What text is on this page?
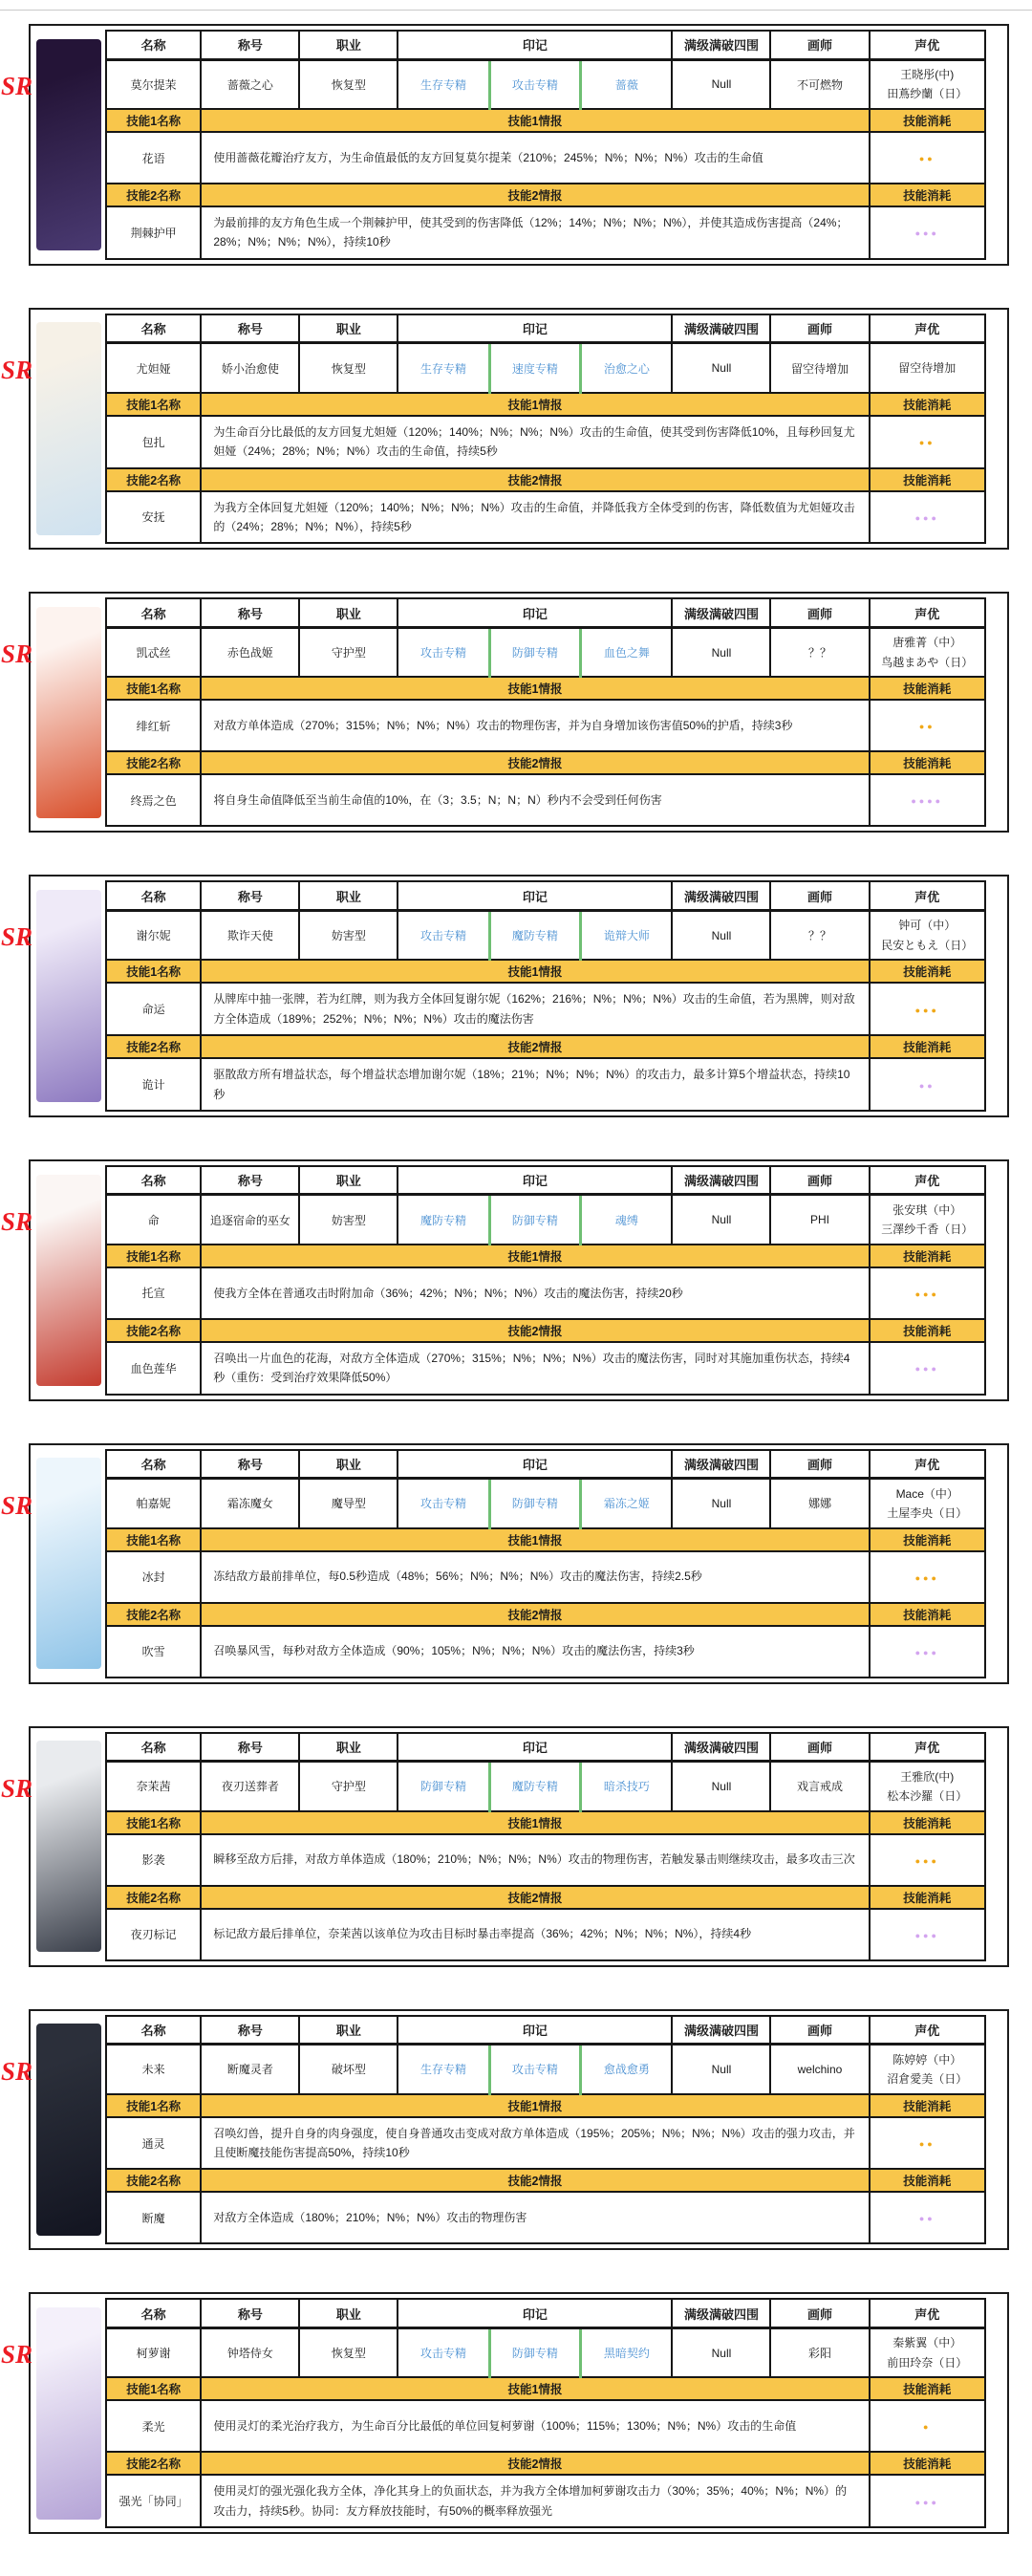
SR
名称	称号	职业	印记			满级满破四围	画师	声优
莫尔提茉	蔷薇之心	恢复型	生存专精	攻击专精	蔷薇	Null	不可燃物	王晓彤(中)
田蔦纱蘭（日）

技能1名称	技能1情报							技能消耗
花语	使用蔷薇花瓣治疗友方，为生命值最低的友方回复莫尔提茉（210%；245%；N%；N%；N%）攻击的生命值							●●
技能2名称	技能2情报							技能消耗
荆棘护甲	为最前排的友方角色生成一个荆棘护甲，使其受到的伤害降低（12%；14%；N%；N%；N%），并使其造成伤害提高（24%；28%；N%；N%；N%），持续10秒							●●●
SR
名称	称号	职业	印记			满级满破四围	画师	声优
尤妲娅	娇小治愈使	恢复型	生存专精	速度专精	治愈之心	Null	留空待增加	留空待增加

技能1名称	技能1情报							技能消耗
包扎	为生命百分比最低的友方回复尤妲娅（120%；140%；N%；N%；N%）攻击的生命值，使其受到伤害降低10%，且每秒回复尤妲娅（24%；28%；N%；N%）攻击的生命值，持续5秒							●●
技能2名称	技能2情报							技能消耗
安抚	为我方全体回复尤妲娅（120%；140%；N%；N%；N%）攻击的生命值，并降低我方全体受到的伤害，降低数值为尤妲娅攻击的（24%；28%；N%；N%），持续5秒							●●●
SR
名称	称号	职业	印记			满级满破四围	画师	声优
凯忒丝	赤色战姬	守护型	攻击专精	防御专精	血色之舞	Null	？？	唐雅菁（中）
鸟越まあや（日）

技能1名称	技能1情报							技能消耗
绯红斩	对敌方单体造成（270%；315%；N%；N%；N%）攻击的物理伤害，并为自身增加该伤害值50%的护盾，持续3秒							●●
技能2名称	技能2情报							技能消耗
终焉之色	将自身生命值降低至当前生命值的10%，在（3；3.5；N；N；N）秒内不会受到任何伤害							●●●●
SR
名称	称号	职业	印记			满级满破四围	画师	声优
谢尔妮	欺诈天使	妨害型	攻击专精	魔防专精	诡辩大师	Null	？？	钟可（中）
民安ともえ（日）

技能1名称	技能1情报							技能消耗
命运	从牌库中抽一张牌，若为红牌，则为我方全体回复谢尔妮（162%；216%；N%；N%；N%）攻击的生命值，若为黑牌，则对敌方全体造成（189%；252%；N%；N%；N%）攻击的魔法伤害							●●●
技能2名称	技能2情报							技能消耗
诡计	驱散敌方所有增益状态，每个增益状态增加谢尔妮（18%；21%；N%；N%；N%）的攻击力，最多计算5个增益状态，持续10秒							●●
SR
名称	称号	职业	印记			满级满破四围	画师	声优
命	追逐宿命的巫女	妨害型	魔防专精	防御专精	魂缚	Null	PHI	张安琪（中）
三澤纱千香（日）

技能1名称	技能1情报							技能消耗
托宣	使我方全体在普通攻击时附加命（36%；42%；N%；N%；N%）攻击的魔法伤害，持续20秒							●●●
技能2名称	技能2情报							技能消耗
血色莲华	召唤出一片血色的花海，对敌方全体造成（270%；315%；N%；N%；N%）攻击的魔法伤害，同时对其施加重伤状态，持续4秒（重伤：受到治疗效果降低50%）							●●●
SR
名称	称号	职业	印记			满级满破四围	画师	声优
帕嘉妮	霜冻魔女	魔导型	攻击专精	防御专精	霜冻之姬	Null	娜娜	Mace（中）
土屋李央（日）

技能1名称	技能1情报							技能消耗
冰封	冻结敌方最前排单位，每0.5秒造成（48%；56%；N%；N%；N%）攻击的魔法伤害，持续2.5秒							●●●
技能2名称	技能2情报							技能消耗
吹雪	召唤暴风雪，每秒对敌方全体造成（90%；105%；N%；N%；N%）攻击的魔法伤害，持续3秒							●●●
SR
名称	称号	职业	印记			满级满破四围	画师	声优
奈茉茜	夜刃送葬者	守护型	防御专精	魔防专精	暗杀技巧	Null	戏言戒成	王雅欣(中)
松本沙羅（日）

技能1名称	技能1情报							技能消耗
影袭	瞬移至敌方后排，对敌方单体造成（180%；210%；N%；N%；N%）攻击的物理伤害，若触发暴击则继续攻击，最多攻击三次							●●●
技能2名称	技能2情报							技能消耗
夜刃标记	标记敌方最后排单位，奈茉茜以该单位为攻击目标时暴击率提高（36%；42%；N%；N%；N%），持续4秒							●●●
SR
名称	称号	职业	印记			满级满破四围	画师	声优
未来	断魔灵者	破坏型	生存专精	攻击专精	愈战愈勇	Null	welchino	陈婷婷（中）
沼倉愛美（日）

技能1名称	技能1情报							技能消耗
通灵	召唤幻兽，提升自身的肉身强度，使自身普通攻击变成对敌方单体造成（195%；205%；N%；N%；N%）攻击的强力攻击，并且使断魔技能伤害提高50%，持续10秒							●●
技能2名称	技能2情报							技能消耗
断魔	对敌方全体造成（180%；210%；N%；N%）攻击的物理伤害							●●
SR
名称	称号	职业	印记			满级满破四围	画师	声优
柯萝谢	钟塔侍女	恢复型	攻击专精	防御专精	黑暗契约	Null	彩阳	秦紫翼（中）
前田玲奈（日）

技能1名称	技能1情报							技能消耗
柔光	使用灵灯的柔光治疗我方，为生命百分比最低的单位回复柯萝谢（100%；115%；130%；N%；N%）攻击的生命值							●
技能2名称	技能2情报							技能消耗
强光「协同」	使用灵灯的强光强化我方全体，净化其身上的负面状态，并为我方全体增加柯萝谢攻击力（30%；35%；40%；N%；N%）的攻击力，持续5秒。协同：友方释放技能时，有50%的概率释放强光							●●●
